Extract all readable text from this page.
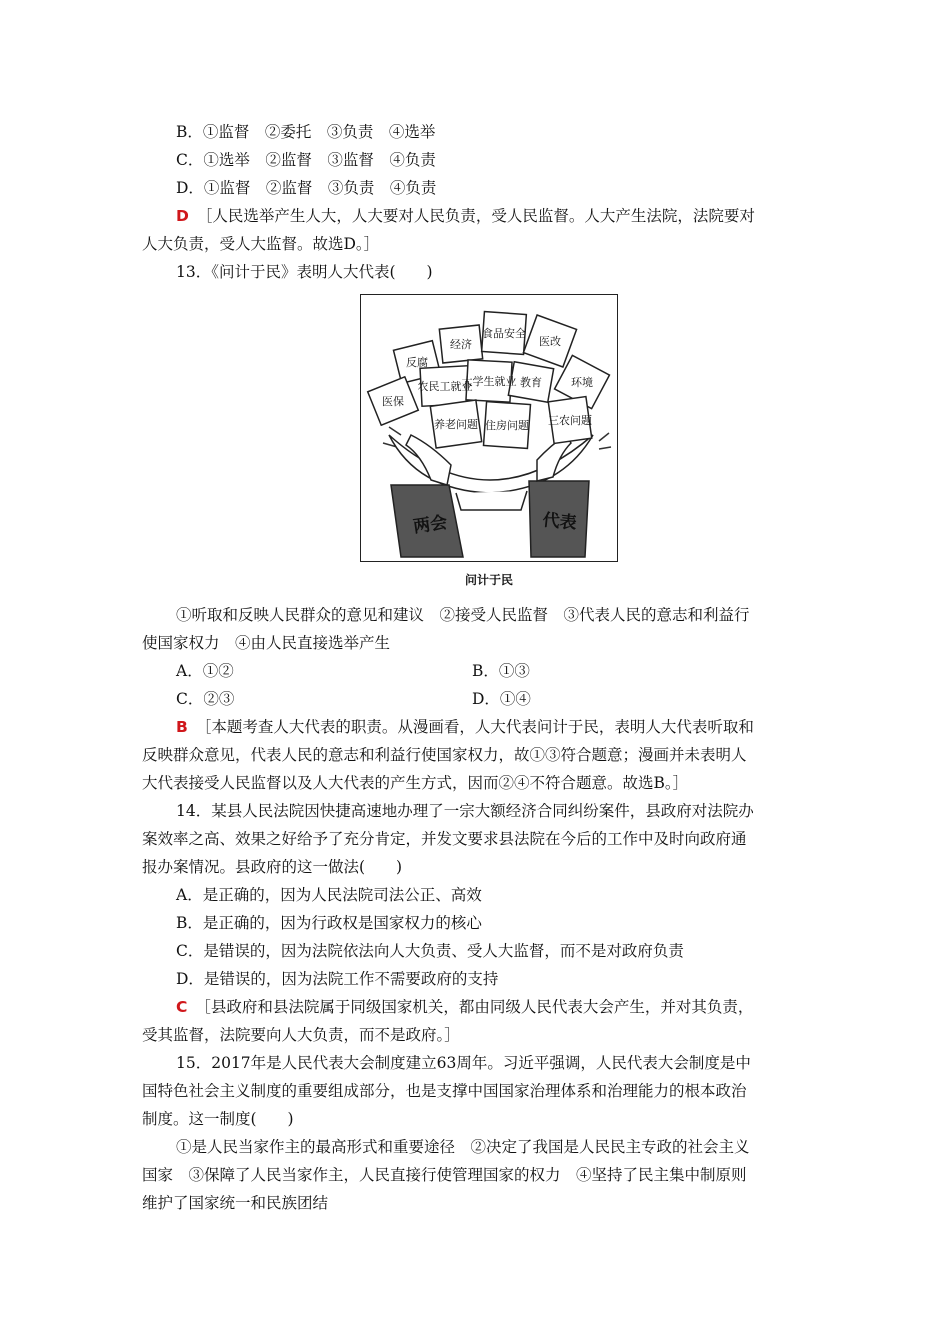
B．①监督　②委托　③负责　④选举
C．①选举　②监督　③监督　④负责
D．①监督　②监督　③负责　④负责
D ［人民选举产生人大，人大要对人民负责，受人民监督。人大产生法院，法院要对
人大负责，受人大监督。故选D。］
13．《问计于民》表明人大代表(　　)
经济
食品安全
反腐
医改
农民工就业
大学生就业 教育	环境
医保
三农问题
养老问题 住房问题
两会	代表
问计于民
①听取和反映人民群众的意见和建议　②接受人民监督　③代表人民的意志和利益行
使国家权力　④由人民直接选举产生
A．①②	B．①③
C．②③	D．①④
B ［本题考查人大代表的职责。从漫画看，人大代表问计于民，表明人大代表听取和
反映群众意见，代表人民的意志和利益行使国家权力，故①③符合题意；漫画并未表明人
大代表接受人民监督以及人大代表的产生方式，因而②④不符合题意。故选B。］
14．某县人民法院因快捷高速地办理了一宗大额经济合同纠纷案件，县政府对法院办
案效率之高、效果之好给予了充分肯定，并发文要求县法院在今后的工作中及时向政府通
报办案情况。县政府的这一做法(　　)
A．是正确的，因为人民法院司法公正、高效
B．是正确的，因为行政权是国家权力的核心
C．是错误的，因为法院依法向人大负责、受人大监督，而不是对政府负责
D．是错误的，因为法院工作不需要政府的支持
C ［县政府和县法院属于同级国家机关，都由同级人民代表大会产生，并对其负责，
受其监督，法院要向人大负责，而不是政府。］
15．2017年是人民代表大会制度建立63周年。习近平强调，人民代表大会制度是中
国特色社会主义制度的重要组成部分，也是支撑中国国家治理体系和治理能力的根本政治
制度。这一制度(　　)
①是人民当家作主的最高形式和重要途径　②决定了我国是人民民主专政的社会主义
国家　③保障了人民当家作主，人民直接行使管理国家的权力　④坚持了民主集中制原则
维护了国家统一和民族团结
